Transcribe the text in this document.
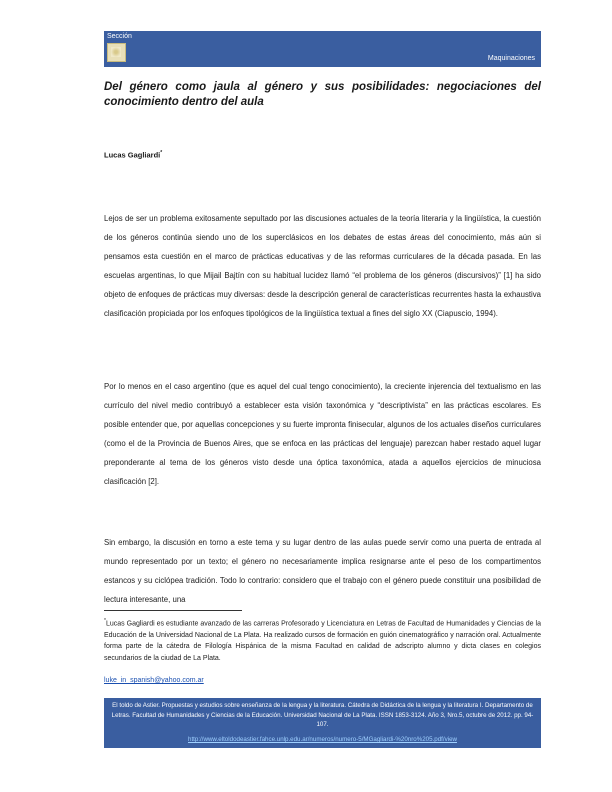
Sección
Maquinaciones
Del género como jaula al género y sus posibilidades: negociaciones del conocimiento dentro del aula
Lucas Gagliardi*

Lejos de ser un problema exitosamente sepultado por las discusiones actuales de la teoría literaria y la lingüística, la cuestión de los géneros continúa siendo uno de los superclásicos en los debates de estas áreas del conocimiento, más aún si pensamos esta cuestión en el marco de prácticas educativas y de las reformas curriculares de la década pasada. En las escuelas argentinas, lo que Mijail Bajtín con su habitual lucidez llamó “el problema de los géneros (discursivos)” [1] ha sido objeto de enfoques de prácticas muy diversas: desde la descripción general de características recurrentes hasta la exhaustiva clasificación propiciada por los enfoques tipológicos de la lingüística textual a fines del siglo XX (Ciapuscio, 1994).

Por lo menos en el caso argentino (que es aquel del cual tengo conocimiento), la creciente injerencia del textualismo en las currículo del nivel medio contribuyó a establecer esta visión taxonómica y “descriptivista” en las prácticas escolares. Es posible entender que, por aquellas concepciones y su fuerte impronta finisecular, algunos de los actuales diseños curriculares (como el de la Provincia de Buenos Aires, que se enfoca en las prácticas del lenguaje) parezcan haber restado aquel lugar preponderante al tema de los géneros visto desde una óptica taxonómica, atada a aquellos ejercicios de minuciosa clasificación [2].

Sin embargo, la discusión en torno a este tema y su lugar dentro de las aulas puede servir como una puerta de entrada al mundo representado por un texto; el género no necesariamente implica resignarse ante el peso de los compartimentos estancos y su ciclópea tradición. Todo lo contrario: considero que el trabajo con el género puede constituir una posibilidad de lectura interesante, una

*Lucas Gagliardi es estudiante avanzado de las carreras Profesorado y Licenciatura en Letras de Facultad de Humanidades y Ciencias de la Educación de la Universidad Nacional de La Plata. Ha realizado cursos de formación en guión cinematográfico y narración oral. Actualmente forma parte de la cátedra de Filología Hispánica de la misma Facultad en calidad de adscripto alumno y dicta clases en colegios secundarios de la ciudad de La Plata.
luke_in_spanish@yahoo.com.ar
El toldo de Astier. Propuestas y estudios sobre enseñanza de la lengua y la literatura. Cátedra de Didáctica de la lengua y la literatura I. Departamento de Letras. Facultad de Humanidades y Ciencias de la Educación. Universidad Nacional de La Plata. ISSN 1853-3124. Año 3, Nro.5, octubre de 2012. pp. 94-107.
http://www.eltoldodeastier.fahce.unlp.edu.ar/numeros/numero-5/MGagliardi-%20nro%205.pdf/view
